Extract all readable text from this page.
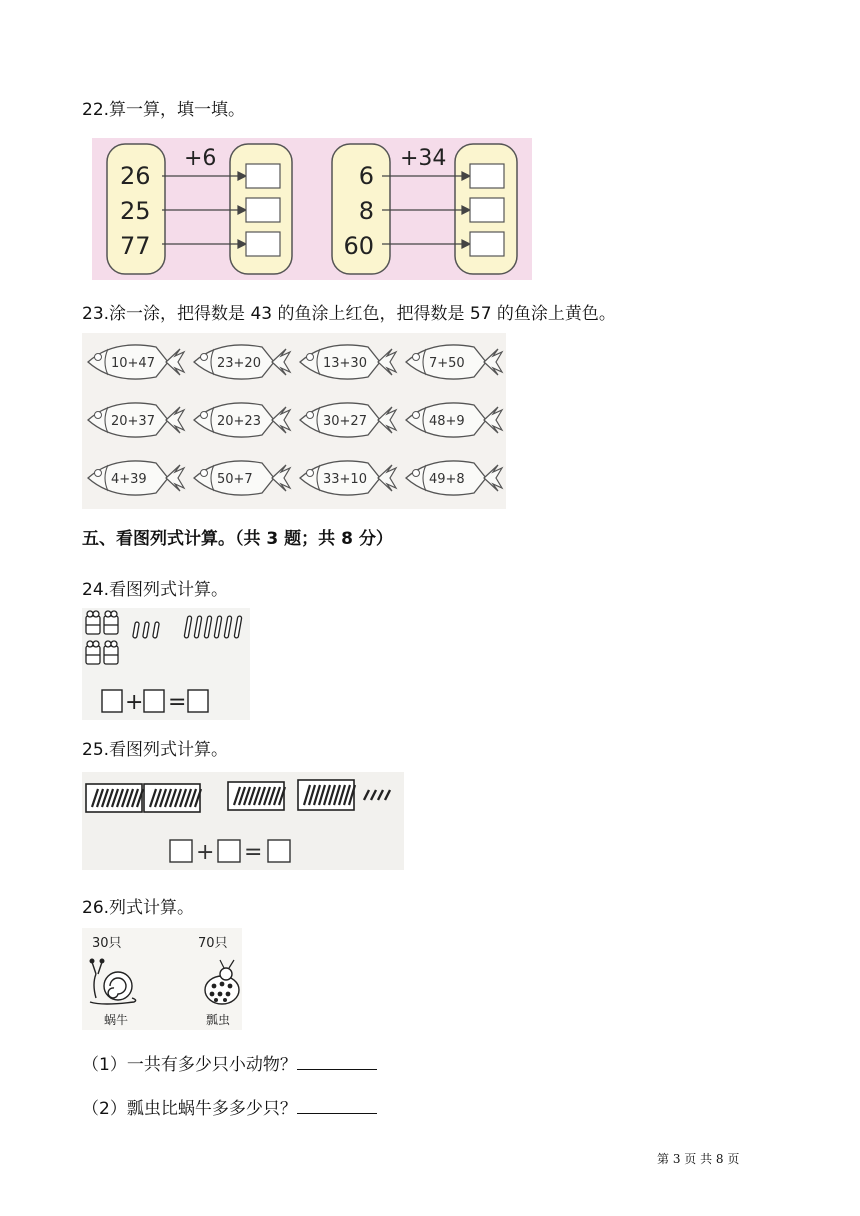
22.算一算，填一填。
+6
26
25
77
+34
6
8
60
23.涂一涂，把得数是 43 的鱼涂上红色，把得数是 57 的鱼涂上黄色。
10+47	23+20	13+30	7+50
20+37	20+23	30+27	48+9
4+39	50+7	33+10	49+8
五、看图列式计算。（共 3 题；共 8 分）
24.看图列式计算。
+ =
25.看图列式计算。
+ =
26.列式计算。
30只	70只
蜗牛	瓢虫
（1）一共有多少只小动物？
（2）瓢虫比蜗牛多多少只？
第 3 页 共 8 页
